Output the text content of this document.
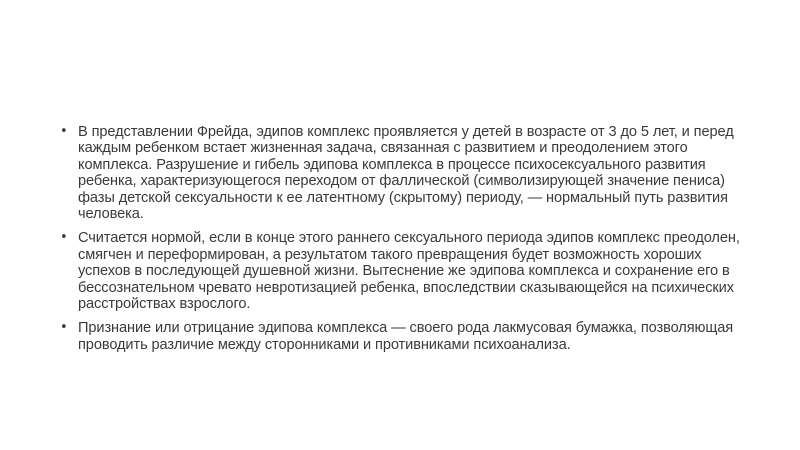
• В представлении Фрейда, эдипов комплекс проявляется у детей в возрасте от 3 до 5 лет, и перед каждым ребенком встает жизненная задача, связанная с развитием и преодолением этого комплекса. Разрушение и гибель эдипова комплекса в процессе психосексуального развития ребенка, характеризующегося переходом от фаллической (символизирующей значение пениса) фазы детской сексуальности к ее латентному (скрытому) периоду, — нормальный путь развития человека.
• Считается нормой, если в конце этого раннего сексуального периода эдипов комплекс преодолен, смягчен и переформирован, а результатом такого превращения будет возможность хороших успехов в последующей душевной жизни. Вытеснение же эдипова комплекса и сохранение его в бессознательном чревато невротизацией ребенка, впоследствии сказывающейся на психических расстройствах взрослого.
• Признание или отрицание эдипова комплекса — своего рода лакмусовая бумажка, позволяющая проводить различие между сторонниками и противниками психоанализа.
